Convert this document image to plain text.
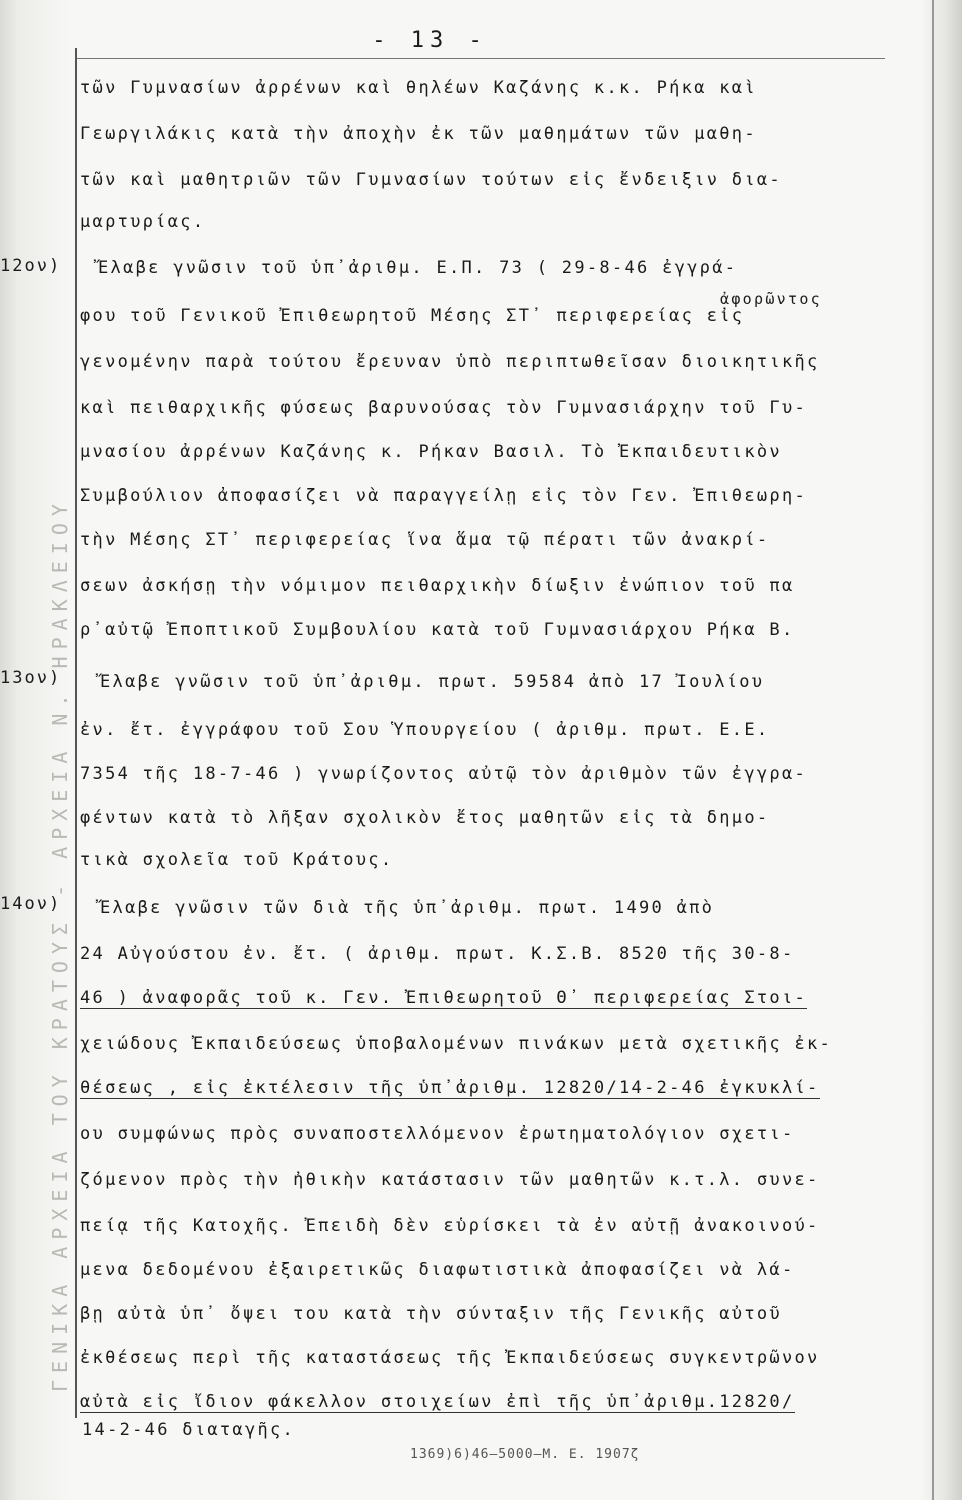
ΓΕΝΙΚΑ ΑΡΧΕΙΑ ΤΟΥ ΚΡΑΤΟΥΣ - ΑΡΧΕΙΑ Ν. ΗΡΑΚΛΕΙΟΥ
- 13 -
τῶν Γυμνασίων ἀρρένων καὶ θηλέων Καζάνης κ.κ. Ρήκα καὶ
Γεωργιλάκις κατὰ τὴν ἀποχὴν ἐκ τῶν μαθημάτων τῶν μαθη-
τῶν καὶ μαθητριῶν τῶν Γυμνασίων τούτων εἰς ἔνδειξιν δια-
μαρτυρίας.
12ον) Ἔλαβε γνῶσιν τοῦ ὑπ᾽ἀριθμ. Ε.Π. 73 ( 29-8-46 ἐγγρά-
ἀφορῶντος
φου τοῦ Γενικοῦ Ἐπιθεωρητοῦ Μέσης ΣΤ᾽ περιφερείας εἰς
γενομένην παρὰ τούτου ἔρευναν ὑπὸ περιπτωθεῖσαν διοικητικῆς
καὶ πειθαρχικῆς φύσεως βαρυνούσας τὸν Γυμνασιάρχην τοῦ Γυ-
μνασίου ἀρρένων Καζάνης κ. Ρήκαν Βασιλ. Τὸ Ἐκπαιδευτικὸν
Συμβούλιον ἀποφασίζει νὰ παραγγείλῃ εἰς τὸν Γεν. Ἐπιθεωρη-
τὴν Μέσης ΣΤ᾽ περιφερείας ἵνα ἅμα τῷ πέρατι τῶν ἀνακρί-
σεων ἀσκήσῃ τὴν νόμιμον πειθαρχικὴν δίωξιν ἐνώπιον τοῦ πα
ρ᾽αὐτῷ Ἐποπτικοῦ Συμβουλίου κατὰ τοῦ Γυμνασιάρχου Ρήκα Β.
13ον) Ἔλαβε γνῶσιν τοῦ ὑπ᾽ἀριθμ. πρωτ. 59584 ἀπὸ 17 Ἰουλίου
ἐν. ἔτ. ἐγγράφου τοῦ Σου Ὑπουργείου ( ἀριθμ. πρωτ. Ε.Ε.
7354 τῆς 18-7-46 ) γνωρίζοντος αὐτῷ τὸν ἀριθμὸν τῶν ἐγγρα-
φέντων κατὰ τὸ λῆξαν σχολικὸν ἔτος μαθητῶν εἰς τὰ δημο-
τικὰ σχολεῖα τοῦ Κράτους.
14ον) Ἔλαβε γνῶσιν τῶν διὰ τῆς ὑπ᾽ἀριθμ. πρωτ. 1490 ἀπὸ
24 Αὐγούστου ἐν. ἔτ. ( ἀριθμ. πρωτ. Κ.Σ.Β. 8520 τῆς 30-8-
46 ) ἀναφορᾶς τοῦ κ. Γεν. Ἐπιθεωρητοῦ Θ᾽ περιφερείας Στοι-
χειώδους Ἐκπαιδεύσεως ὑποβαλομένων πινάκων μετὰ σχετικῆς ἐκ-
θέσεως , εἰς ἐκτέλεσιν τῆς ὑπ᾽ἀριθμ. 12820/14-2-46 ἐγκυκλί-
ου συμφώνως πρὸς συναποστελλόμενον ἐρωτηματολόγιον σχετι-
ζόμενον πρὸς τὴν ἠθικὴν κατάστασιν τῶν μαθητῶν κ.τ.λ. συνε-
πείᾳ τῆς Κατοχῆς. Ἐπειδὴ δὲν εὑρίσκει τὰ ἐν αὐτῇ ἀνακοινού-
μενα δεδομένου ἐξαιρετικῶς διαφωτιστικὰ ἀποφασίζει νὰ λά-
βῃ αὐτὰ ὑπ᾽ ὄψει του κατὰ τὴν σύνταξιν τῆς Γενικῆς αὐτοῦ
ἐκθέσεως περὶ τῆς καταστάσεως τῆς Ἐκπαιδεύσεως συγκεντρῶνον
αὐτὰ εἰς ἴδιον φάκελλον στοιχείων ἐπὶ τῆς ὑπ᾽ἀριθμ.12820/
14-2-46 διαταγῆς.
1369)6)46—5000—Μ. Ε. 1907ζ
